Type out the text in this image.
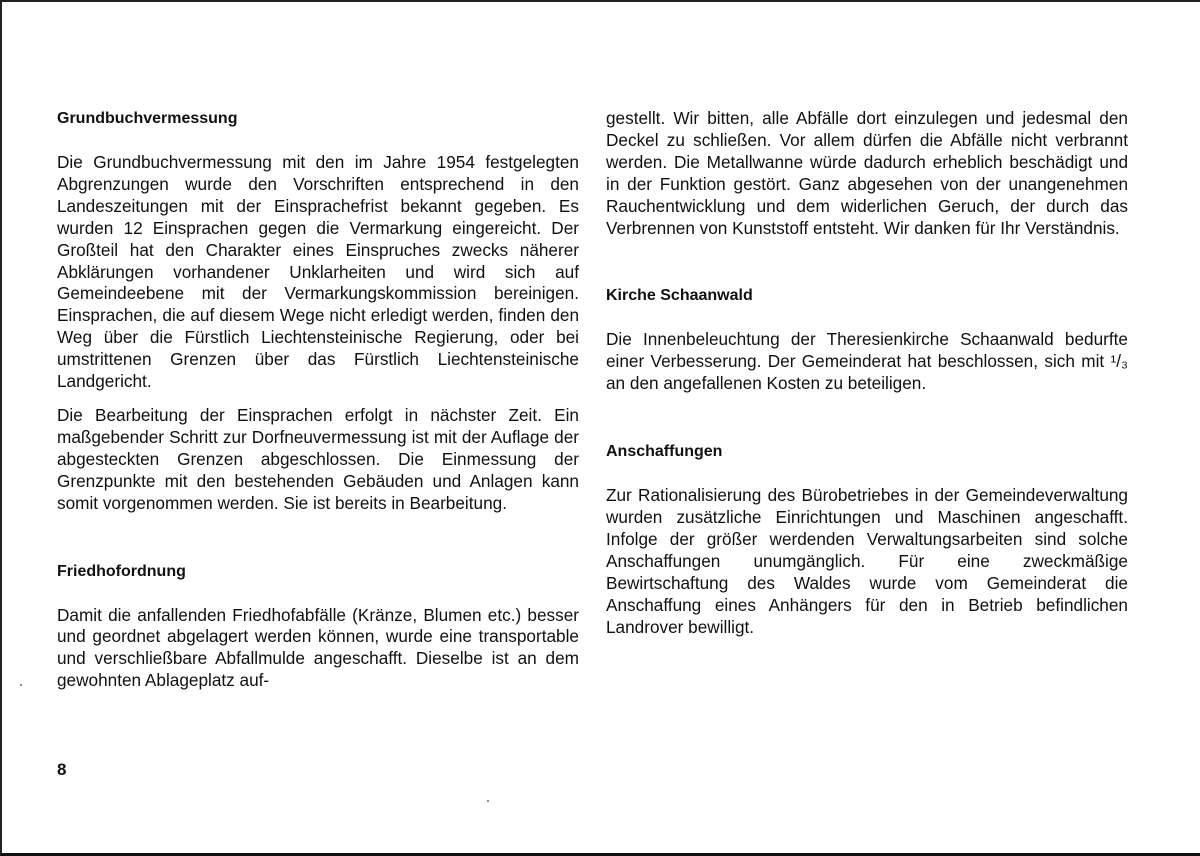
Grundbuchvermessung

Die Grundbuchvermessung mit den im Jahre 1954 festgelegten Abgrenzungen wurde den Vorschriften entsprechend in den Landeszeitungen mit der Einsprachefrist bekannt gegeben. Es wurden 12 Einsprachen gegen die Vermarkung eingereicht. Der Großteil hat den Charakter eines Einspruches zwecks näherer Abklärungen vorhandener Unklarheiten und wird sich auf Gemeindeebene mit der Vermarkungskommission bereinigen. Einsprachen, die auf diesem Wege nicht erledigt werden, finden den Weg über die Fürstlich Liechtensteinische Regierung, oder bei umstrittenen Grenzen über das Fürstlich Liechtensteinische Landgericht.

Die Bearbeitung der Einsprachen erfolgt in nächster Zeit. Ein maßgebender Schritt zur Dorfneuvermessung ist mit der Auflage der abgesteckten Grenzen abgeschlossen. Die Einmessung der Grenzpunkte mit den bestehenden Gebäuden und Anlagen kann somit vorgenommen werden. Sie ist bereits in Bearbeitung.

Friedhofordnung

Damit die anfallenden Friedhofabfälle (Kränze, Blumen etc.) besser und geordnet abgelagert werden können, wurde eine transportable und verschließbare Abfallmulde angeschafft. Dieselbe ist an dem gewohnten Ablageplatz auf-

gestellt. Wir bitten, alle Abfälle dort einzulegen und jedesmal den Deckel zu schließen. Vor allem dürfen die Abfälle nicht verbrannt werden. Die Metallwanne würde dadurch erheblich beschädigt und in der Funktion gestört. Ganz abgesehen von der unangenehmen Rauchentwicklung und dem widerlichen Geruch, der durch das Verbrennen von Kunststoff entsteht. Wir danken für Ihr Verständnis.

Kirche Schaanwald

Die Innenbeleuchtung der Theresienkirche Schaanwald bedurfte einer Verbesserung. Der Gemeinderat hat beschlossen, sich mit ¹/₃ an den angefallenen Kosten zu beteiligen.

Anschaffungen

Zur Rationalisierung des Bürobetriebes in der Gemeindeverwaltung wurden zusätzliche Einrichtungen und Maschinen angeschafft. Infolge der größer werdenden Verwaltungsarbeiten sind solche Anschaffungen unumgänglich. Für eine zweckmäßige Bewirtschaftung des Waldes wurde vom Gemeinderat die Anschaffung eines Anhängers für den in Betrieb befindlichen Landrover bewilligt.

8
